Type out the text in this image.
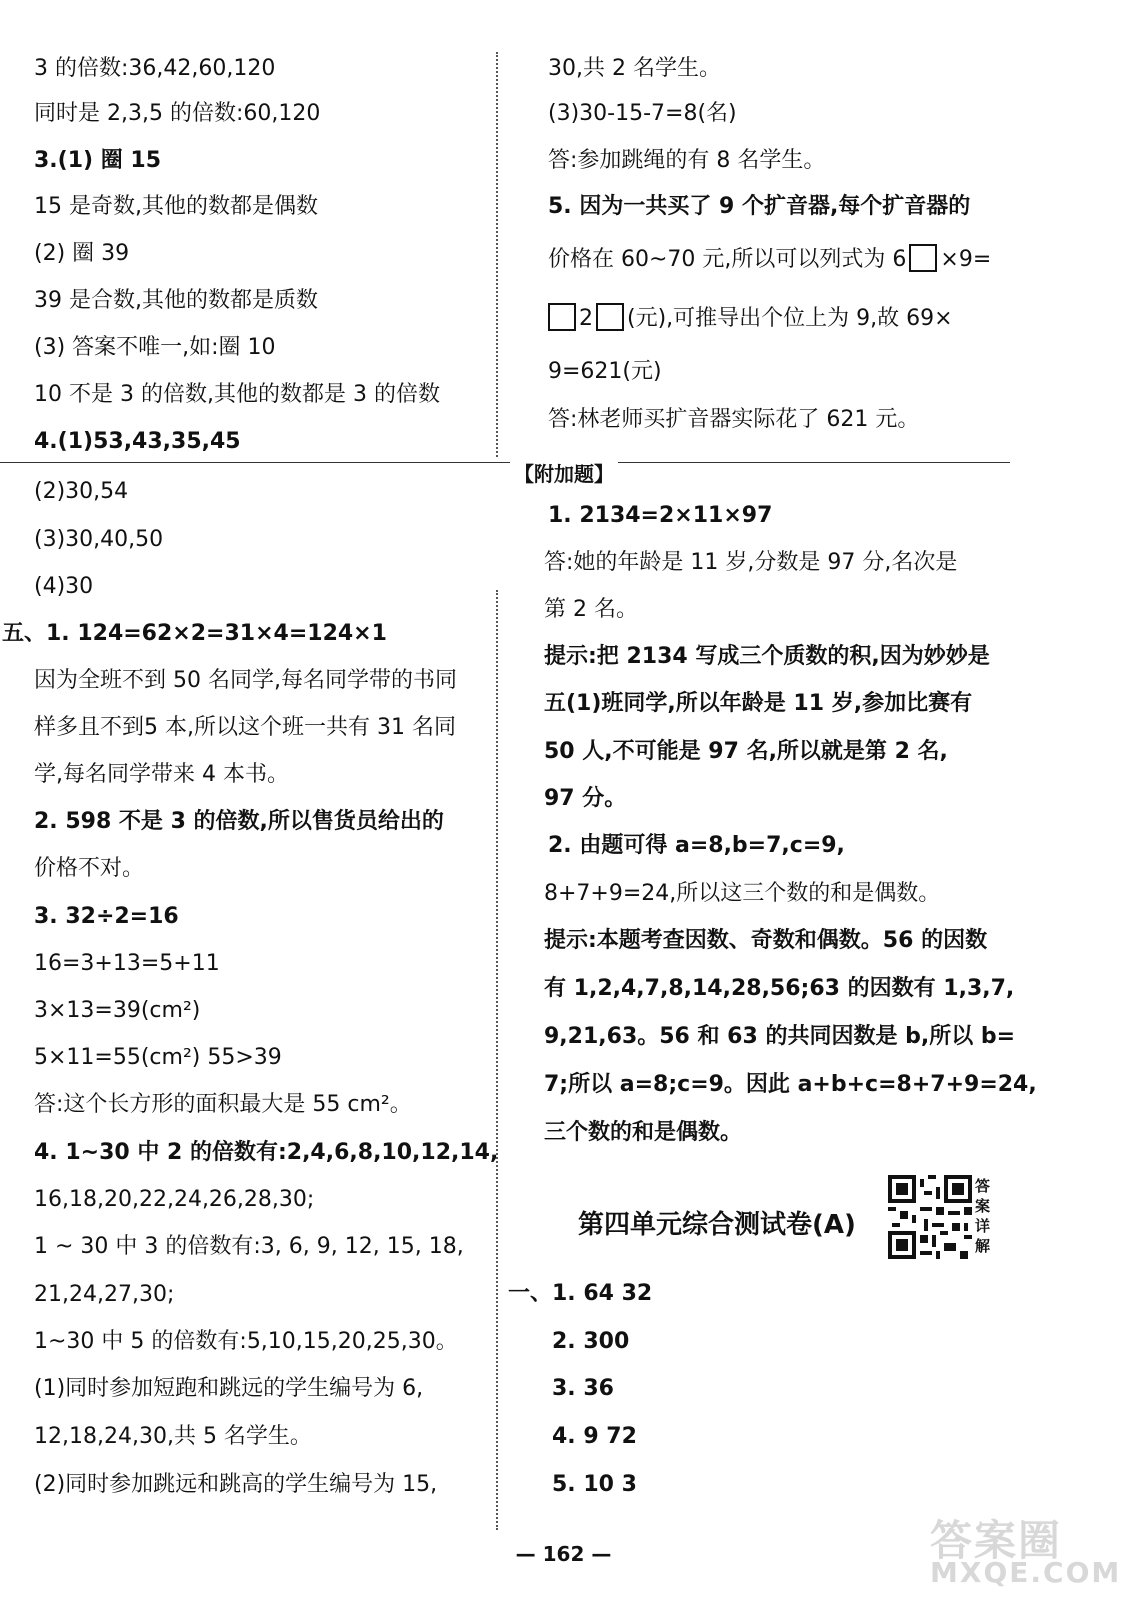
【附加题】
3 的倍数:36,42,60,120
同时是 2,3,5 的倍数:60,120
3.(1) 圈 15
15 是奇数,其他的数都是偶数
(2) 圈 39
39 是合数,其他的数都是质数
(3) 答案不唯一,如:圈 10
10 不是 3 的倍数,其他的数都是 3 的倍数
4.(1)53,43,35,45
(2)30,54
(3)30,40,50
(4)30
五、1. 124=62×2=31×4=124×1
因为全班不到 50 名同学,每名同学带的书同
样多且不到5 本,所以这个班一共有 31 名同
学,每名同学带来 4 本书。
2. 598 不是 3 的倍数,所以售货员给出的
价格不对。
3. 32÷2=16
16=3+13=5+11
3×13=39(cm²)
5×11=55(cm²) 55>39
答:这个长方形的面积最大是 55 cm²。
4. 1~30 中 2 的倍数有:2,4,6,8,10,12,14,
16,18,20,22,24,26,28,30;
1 ~ 30 中 3 的倍数有:3, 6, 9, 12, 15, 18,
21,24,27,30;
1~30 中 5 的倍数有:5,10,15,20,25,30。
(1)同时参加短跑和跳远的学生编号为 6,
12,18,24,30,共 5 名学生。
(2)同时参加跳远和跳高的学生编号为 15,
30,共 2 名学生。
(3)30-15-7=8(名)
答:参加跳绳的有 8 名学生。
5. 因为一共买了 9 个扩音器,每个扩音器的
价格在 60~70 元,所以可以列式为 6 ×9=
2 (元),可推导出个位上为 9,故 69×
9=621(元)
答:林老师买扩音器实际花了 621 元。
1. 2134=2×11×97
答:她的年龄是 11 岁,分数是 97 分,名次是
第 2 名。
提示:把 2134 写成三个质数的积,因为妙妙是
五(1)班同学,所以年龄是 11 岁,参加比赛有
50 人,不可能是 97 名,所以就是第 2 名,
97 分。
2. 由题可得 a=8,b=7,c=9,
8+7+9=24,所以这三个数的和是偶数。
提示:本题考查因数、奇数和偶数。56 的因数
有 1,2,4,7,8,14,28,56;63 的因数有 1,3,7,
9,21,63。56 和 63 的共同因数是 b,所以 b=
7;所以 a=8;c=9。因此 a+b+c=8+7+9=24,
三个数的和是偶数。
一、1. 64 32
2. 300
3. 36
4. 9 72
5. 10 3
第四单元综合测试卷(A)
答案详解
— 162 —	答案圈
MXQE.COM
